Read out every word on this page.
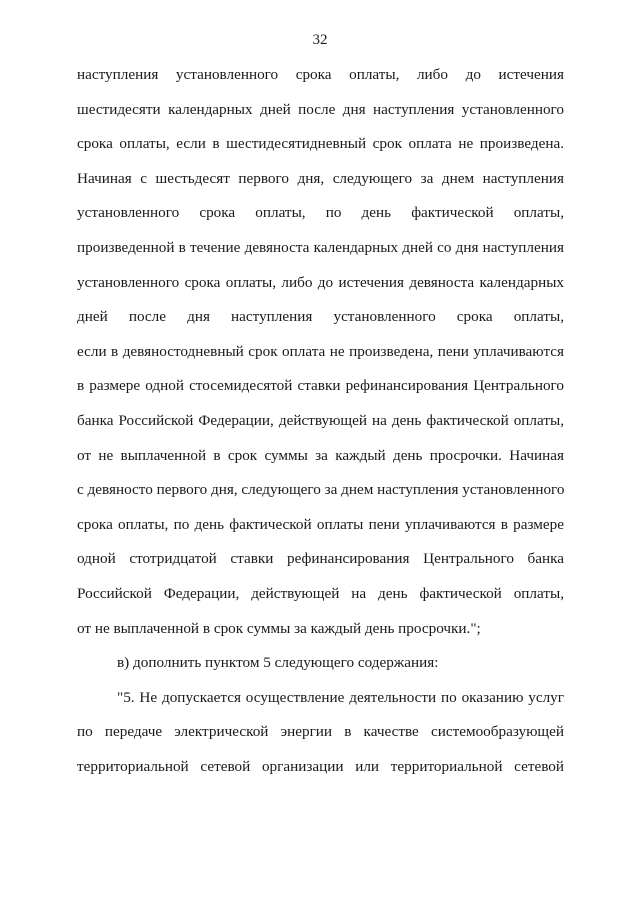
32
наступления установленного срока оплаты, либо до истечения
шестидесяти календарных дней после дня наступления установленного
срока оплаты, если в шестидесятидневный срок оплата не произведена.
Начиная с шестьдесят первого дня, следующего за днем наступления
установленного срока оплаты, по день фактической оплаты,
произведенной в течение девяноста календарных дней со дня наступления
установленного срока оплаты, либо до истечения девяноста календарных
дней после дня наступления установленного срока оплаты,
если в девяностодневный срок оплата не произведена, пени уплачиваются
в размере одной стосемидесятой ставки рефинансирования Центрального
банка Российской Федерации, действующей на день фактической оплаты,
от не выплаченной в срок суммы за каждый день просрочки. Начиная
с девяносто первого дня, следующего за днем наступления установленного
срока оплаты, по день фактической оплаты пени уплачиваются в размере
одной стотридцатой ставки рефинансирования Центрального банка
Российской Федерации, действующей на день фактической оплаты,
от не выплаченной в срок суммы за каждый день просрочки.";
в) дополнить пунктом 5 следующего содержания:
"5. Не допускается осуществление деятельности по оказанию услуг
по передаче электрической энергии в качестве системообразующей
территориальной сетевой организации или территориальной сетевой
